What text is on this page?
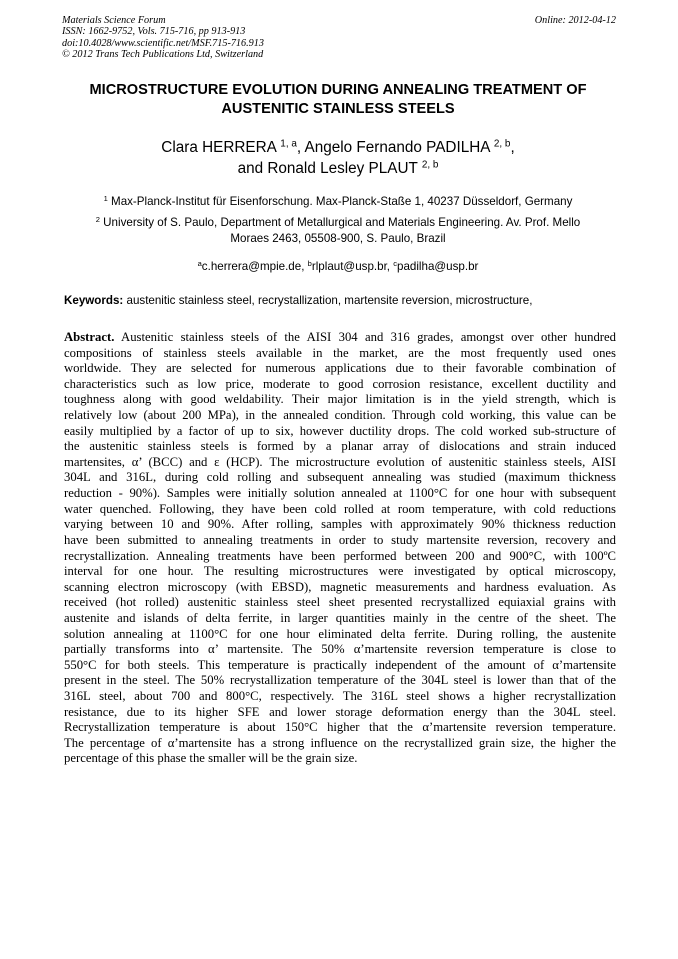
Materials Science Forum
ISSN: 1662-9752, Vols. 715-716, pp 913-913
doi:10.4028/www.scientific.net/MSF.715-716.913
© 2012 Trans Tech Publications Ltd, Switzerland
Online: 2012-04-12
MICROSTRUCTURE EVOLUTION DURING ANNEALING TREATMENT OF
AUSTENITIC STAINLESS STEELS
Clara HERRERA $^{1, a}$, Angelo Fernando PADILHA $^{2, b}$,
and Ronald Lesley PLAUT $^{2, b}$
$^1$ Max-Planck-Institut für Eisenforschung. Max-Planck-Staße 1, 40237 Düsseldorf, Germany
$^2$ University of S. Paulo, Department of Metallurgical and Materials Engineering. Av. Prof. Mello
Moraes 2463, 05508-900, S. Paulo, Brazil
$^a$c.herrera@mpie.de, $^b$rlplaut@usp.br, $^c$padilha@usp.br
Keywords: austenitic stainless steel, recrystallization, martensite reversion, microstructure,
Abstract. Austenitic stainless steels of the AISI 304 and 316 grades, amongst over other hundred
compositions of stainless steels available in the market, are the most frequently used ones
worldwide. They are selected for numerous applications due to their favorable combination of
characteristics such as low price, moderate to good corrosion resistance, excellent ductility and
toughness along with good weldability. Their major limitation is in the yield strength, which is
relatively low (about 200 MPa), in the annealed condition. Through cold working, this value can be
easily multiplied by a factor of up to six, however ductility drops. The cold worked sub-structure of
the austenitic stainless steels is formed by a planar array of dislocations and strain induced
martensites, α’ (BCC) and ε (HCP). The microstructure evolution of austenitic stainless steels, AISI
304L and 316L, during cold rolling and subsequent annealing was studied (maximum thickness
reduction - 90%). Samples were initially solution annealed at 1100°C for one hour with subsequent
water quenched. Following, they have been cold rolled at room temperature, with cold reductions
varying between 10 and 90%. After rolling, samples with approximately 90% thickness reduction
have been submitted to annealing treatments in order to study martensite reversion, recovery and
recrystallization. Annealing treatments have been performed between 200 and 900°C, with 100ºC
interval for one hour. The resulting microstructures were investigated by optical microscopy,
scanning electron microscopy (with EBSD), magnetic measurements and hardness evaluation. As
received (hot rolled) austenitic stainless steel sheet presented recrystallized equiaxial grains with
austenite and islands of delta ferrite, in larger quantities mainly in the centre of the sheet. The
solution annealing at 1100°C for one hour eliminated delta ferrite. During rolling, the austenite
partially transforms into α’ martensite. The 50% α’martensite reversion temperature is close to
550°C for both steels. This temperature is practically independent of the amount of α’martensite
present in the steel. The 50% recrystallization temperature of the 304L steel is lower than that of the
316L steel, about 700 and 800°C, respectively. The 316L steel shows a higher recrystallization
resistance, due to its higher SFE and lower storage deformation energy than the 304L steel.
Recrystallization temperature is about 150°C higher that the α’martensite reversion temperature.
The percentage of α’martensite has a strong influence on the recrystallized grain size, the higher the
percentage of this phase the smaller will be the grain size.
